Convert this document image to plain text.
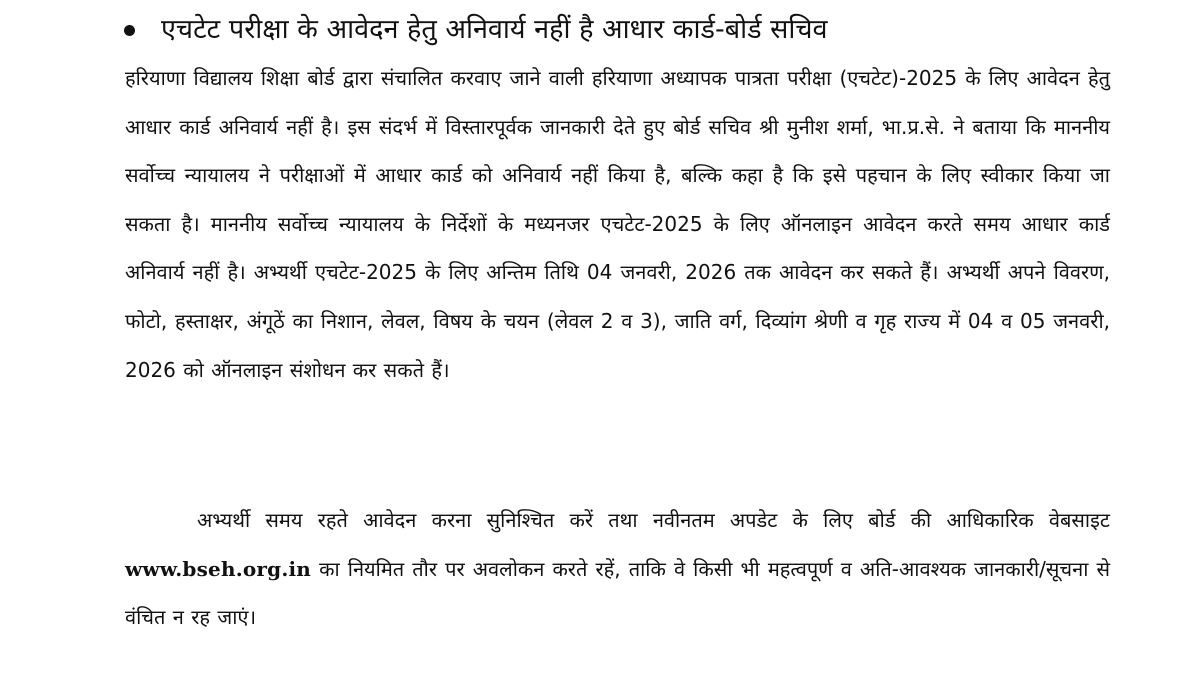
एचटेट परीक्षा के आवेदन हेतु अनिवार्य नहीं है आधार कार्ड-बोर्ड सचिव
हरियाणा विद्यालय शिक्षा बोर्ड द्वारा संचालित करवाए जाने वाली हरियाणा अध्यापक पात्रता परीक्षा (एचटेट)-2025 के लिए आवेदन हेतु आधार कार्ड अनिवार्य नहीं है। इस संदर्भ में विस्तारपूर्वक जानकारी देते हुए बोर्ड सचिव श्री मुनीश शर्मा, भा.प्र.से. ने बताया कि माननीय सर्वोच्च न्यायालय ने परीक्षाओं में आधार कार्ड को अनिवार्य नहीं किया है, बल्कि कहा है कि इसे पहचान के लिए स्वीकार किया जा सकता है। माननीय सर्वोच्च न्यायालय के निर्देशों के मध्यनजर एचटेट-2025 के लिए ऑनलाइन आवेदन करते समय आधार कार्ड अनिवार्य नहीं है। अभ्यर्थी एचटेट-2025 के लिए अन्तिम तिथि 04 जनवरी, 2026 तक आवेदन कर सकते हैं। अभ्यर्थी अपने विवरण, फोटो, हस्ताक्षर, अंगूठें का निशान, लेवल, विषय के चयन (लेवल 2 व 3), जाति वर्ग, दिव्यांग श्रेणी व गृह राज्य में 04 व 05 जनवरी, 2026 को ऑनलाइन संशोधन कर सकते हैं।
अभ्यर्थी समय रहते आवेदन करना सुनिश्चित करें तथा नवीनतम अपडेट के लिए बोर्ड की आधिकारिक वेबसाइट www.bseh.org.in का नियमित तौर पर अवलोकन करते रहें, ताकि वे किसी भी महत्वपूर्ण व अति-आवश्यक जानकारी/सूचना से वंचित न रह जाएं।
